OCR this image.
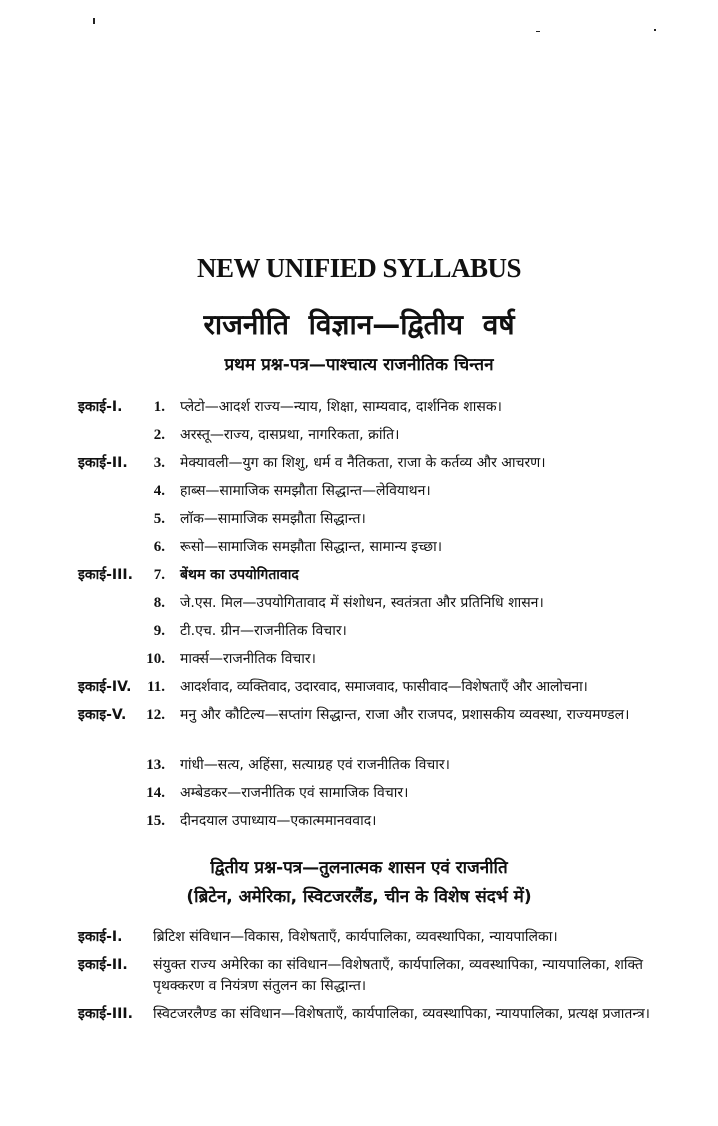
NEW UNIFIED SYLLABUS
राजनीति विज्ञान—द्वितीय वर्ष
प्रथम प्रश्न-पत्र—पाश्चात्य राजनीतिक चिन्तन
इकाई-I.	1. प्लेटो—आदर्श राज्य—न्याय, शिक्षा, साम्यवाद, दार्शनिक शासक।
2. अरस्तू—राज्य, दासप्रथा, नागरिकता, क्रांति।
इकाई-II.	3. मेक्यावली—युग का शिशु, धर्म व नैतिकता, राजा के कर्तव्य और आचरण।
4. हाब्स—सामाजिक समझौता सिद्धान्त—लेवियाथन।
5. लॉक—सामाजिक समझौता सिद्धान्त।
6. रूसो—सामाजिक समझौता सिद्धान्त, सामान्य इच्छा।
इकाई-III.	7. बेंथम का उपयोगितावाद
8. जे.एस. मिल—उपयोगितावाद में संशोधन, स्वतंत्रता और प्रतिनिधि शासन।
9. टी.एच. ग्रीन—राजनीतिक विचार।
10. मार्क्स—राजनीतिक विचार।
इकाई-IV.	11. आदर्शवाद, व्यक्तिवाद, उदारवाद, समाजवाद, फासीवाद—विशेषताएँ और आलोचना।
इकाइ-V.	12. मनु और कौटिल्य—सप्तांग सिद्धान्त, राजा और राजपद, प्रशासकीय व्यवस्था, राज्यमण्डल।
13. गांधी—सत्य, अहिंसा, सत्याग्रह एवं राजनीतिक विचार।
14. अम्बेडकर—राजनीतिक एवं सामाजिक विचार।
15. दीनदयाल उपाध्याय—एकात्ममानववाद।
द्वितीय प्रश्न-पत्र—तुलनात्मक शासन एवं राजनीति
(ब्रिटेन, अमेरिका, स्विटजरलैंड, चीन के विशेष संदर्भ में)
इकाई-I. ब्रिटिश संविधान—विकास, विशेषताएँ, कार्यपालिका, व्यवस्थापिका, न्यायपालिका।
इकाई-II. संयुक्त राज्य अमेरिका का संविधान—विशेषताएँ, कार्यपालिका, व्यवस्थापिका, न्यायपालिका, शक्ति पृथक्करण व नियंत्रण संतुलन का सिद्धान्त।
इकाई-III. स्विटजरलैण्ड का संविधान—विशेषताएँ, कार्यपालिका, व्यवस्थापिका, न्यायपालिका, प्रत्यक्ष प्रजातन्त्र।
